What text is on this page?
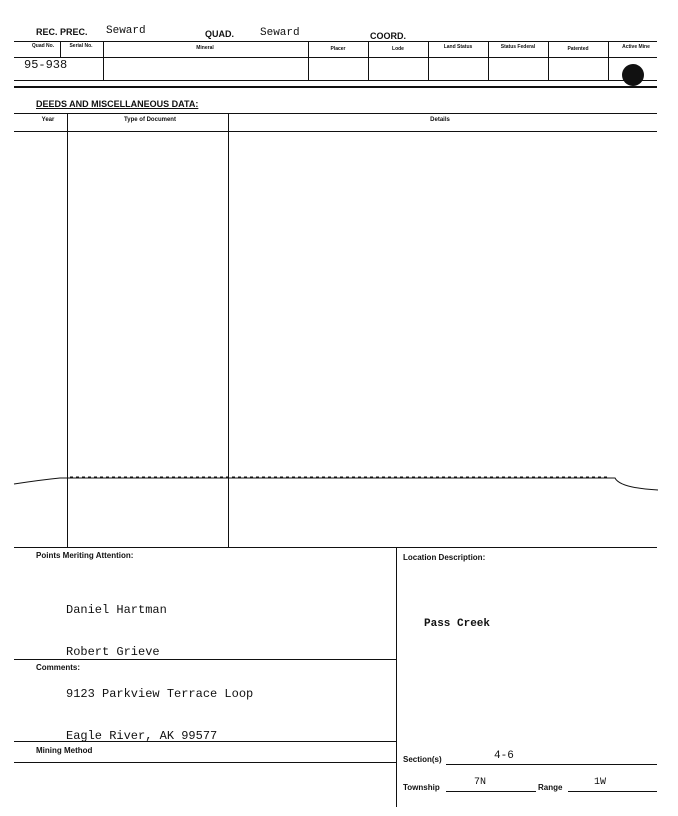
REC. PREC. Seward	QUAD. Seward	COORD.
Quad No.	Serial No.	Mineral	Placer	Lode	Land Status	Status Federal	Patented	Active Mine
95-938
DEEDS AND MISCELLANEOUS DATA:
Year	Type of Document	Details
Points Meriting Attention:

Daniel Hartman

Robert Grieve

9123 Parkview Terrace Loop

Eagle River, AK 99577

Comments:
Mining Method
Location Description:
Pass Creek
Section(s)	4-6
Township	7N	Range	1W
